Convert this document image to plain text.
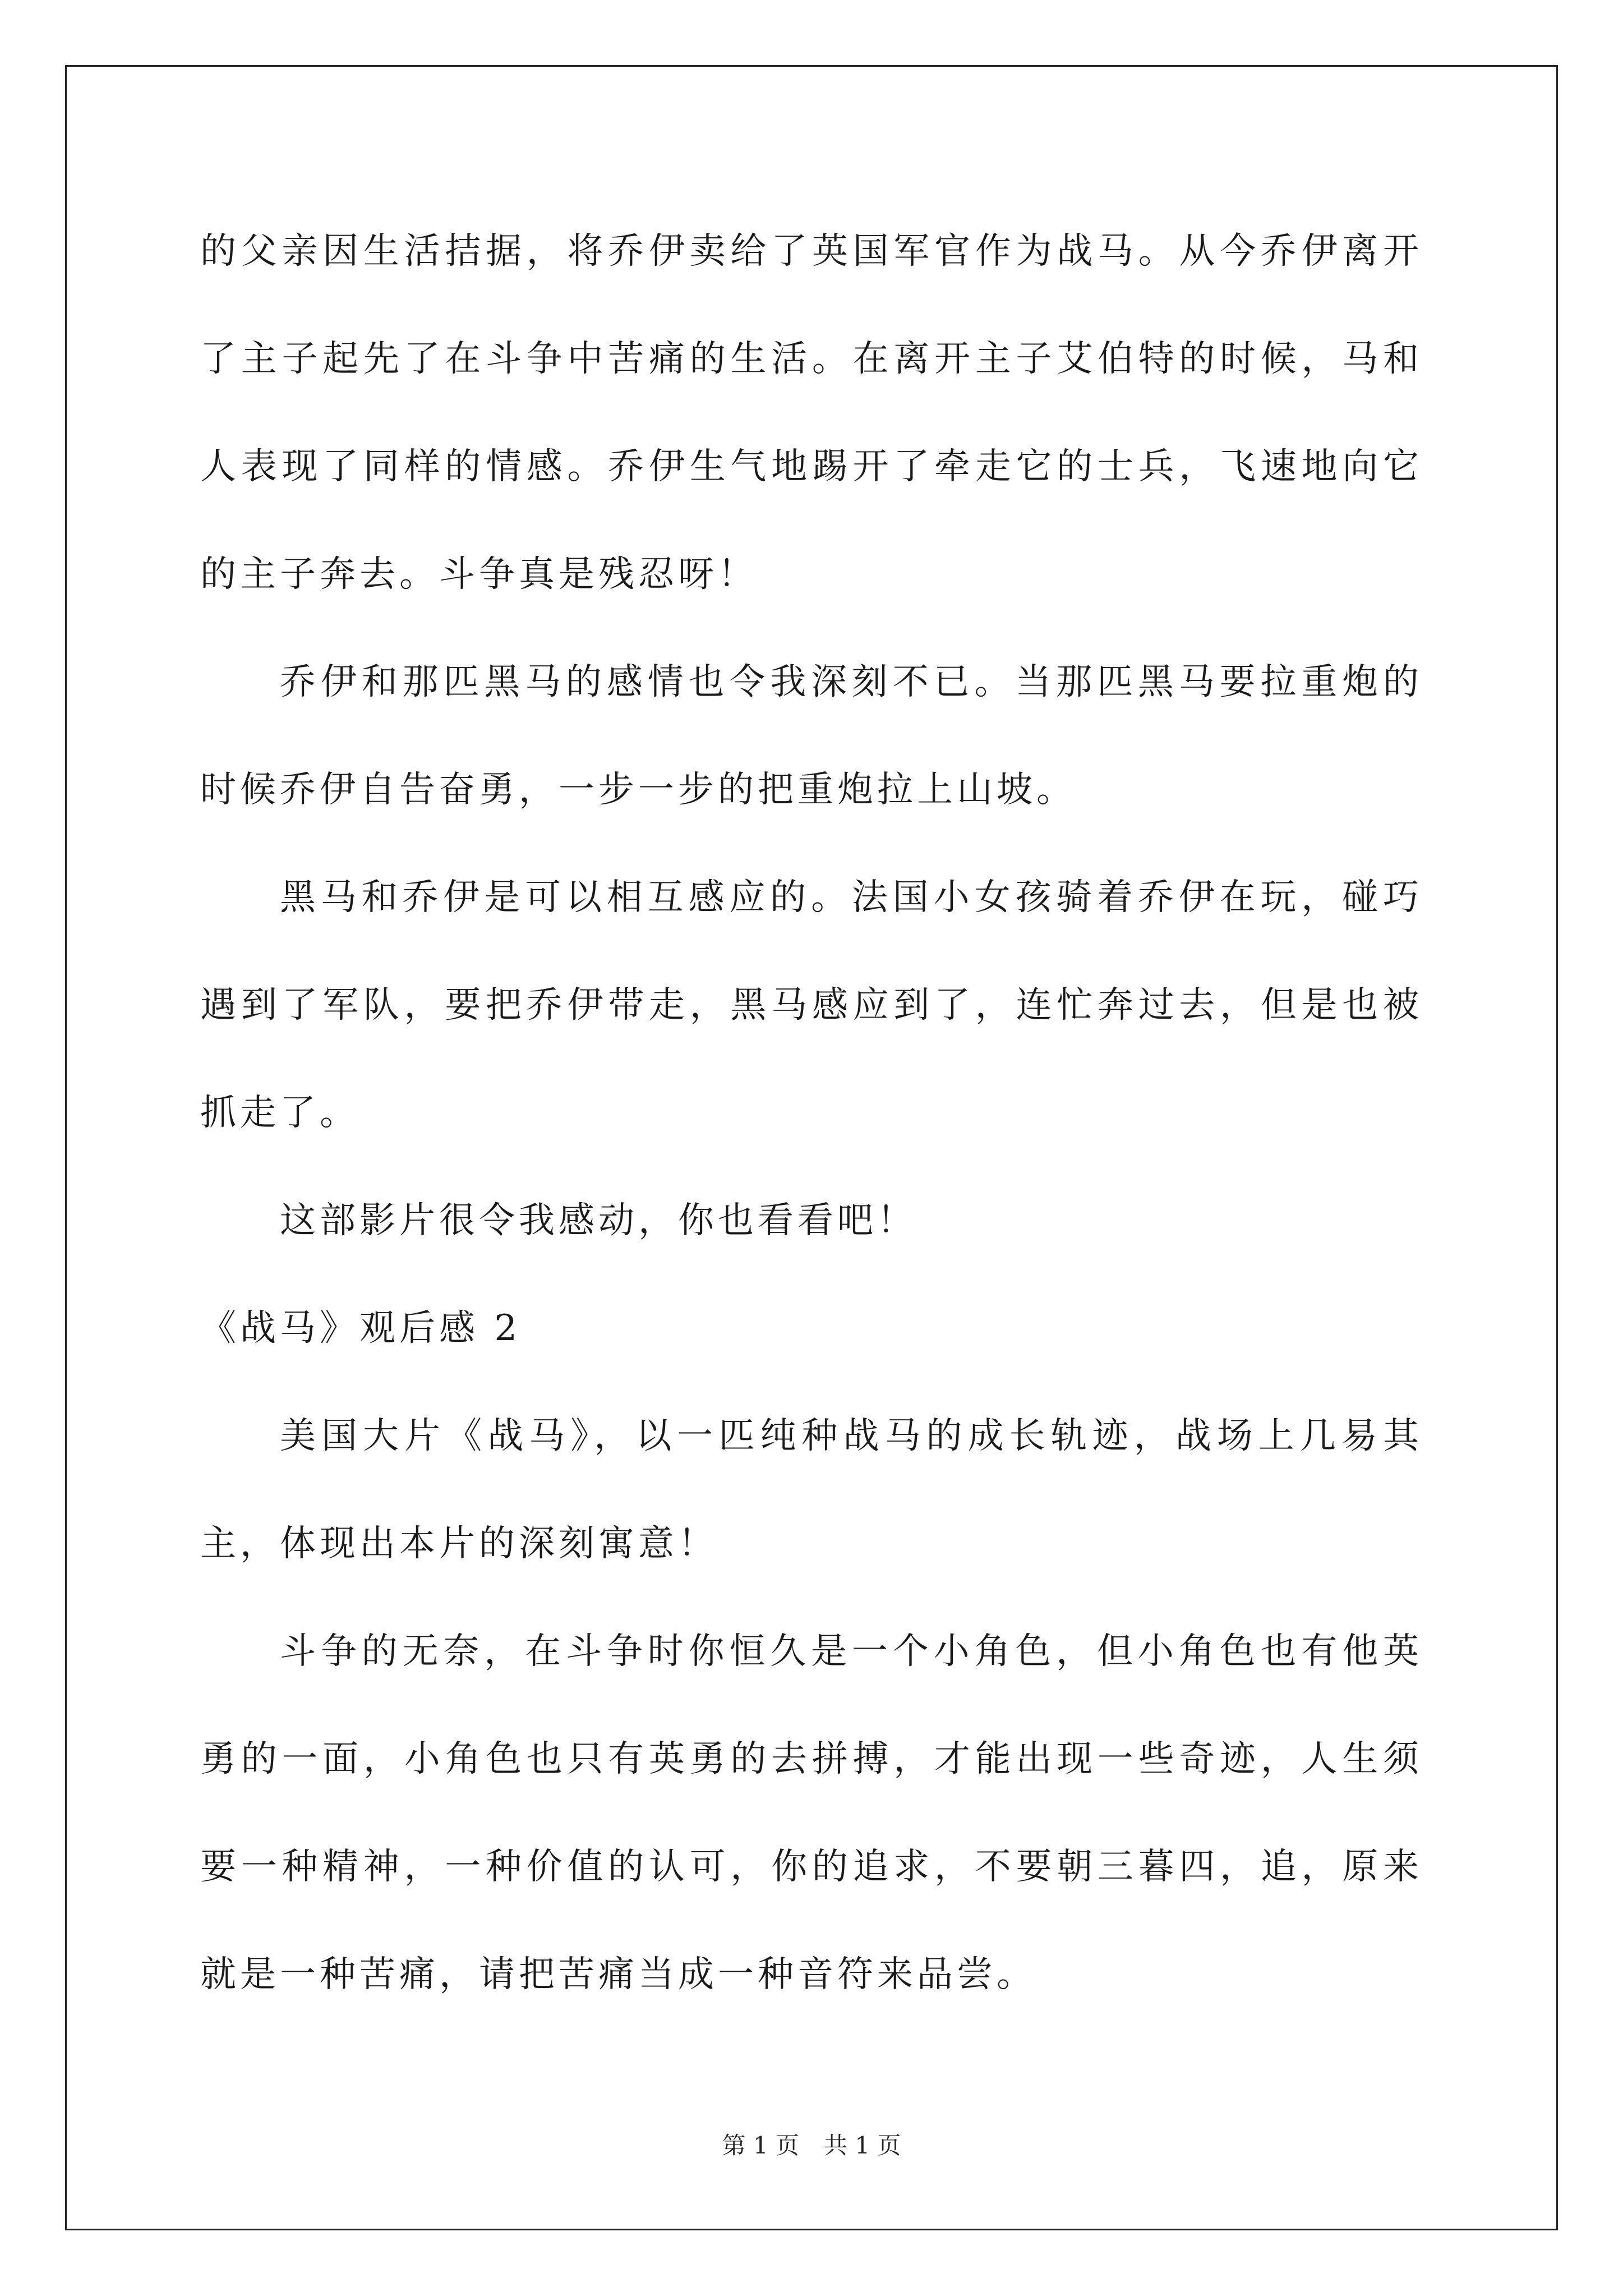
的父亲因生活拮据，将乔伊卖给了英国军官作为战马。从今乔伊离开了主子起先了在斗争中苦痛的生活。在离开主子艾伯特的时候，马和人表现了同样的情感。乔伊生气地踢开了牵走它的士兵，飞速地向它的主子奔去。斗争真是残忍呀！

乔伊和那匹黑马的感情也令我深刻不已。当那匹黑马要拉重炮的时候乔伊自告奋勇，一步一步的把重炮拉上山坡。

黑马和乔伊是可以相互感应的。法国小女孩骑着乔伊在玩，碰巧遇到了军队，要把乔伊带走，黑马感应到了，连忙奔过去，但是也被抓走了。

这部影片很令我感动，你也看看吧！

《战马》观后感 2

美国大片《战马》，以一匹纯种战马的成长轨迹，战场上几易其主，体现出本片的深刻寓意！

斗争的无奈，在斗争时你恒久是一个小角色，但小角色也有他英勇的一面，小角色也只有英勇的去拼搏，才能出现一些奇迹，人生须要一种精神，一种价值的认可，你的追求，不要朝三暮四，追，原来就是一种苦痛，请把苦痛当成一种音符来品尝。

第 1 页 共 1 页
